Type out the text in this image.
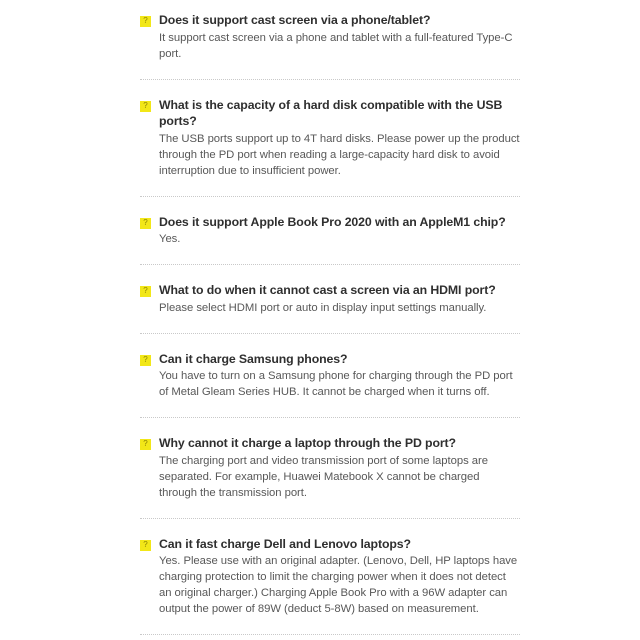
?
Does it support cast screen via a phone/tablet?
It support cast screen via a phone and tablet with a full-featured Type-C port.
?
What is the capacity of a hard disk compatible with the USB ports?
The USB ports support up to 4T hard disks. Please power up the product through the PD port when reading a large-capacity hard disk to avoid interruption due to insufficient power.
?
Does it support Apple Book Pro 2020 with an AppleM1 chip?
Yes.
?
What to do when it cannot cast a screen via an HDMI port?
Please select HDMI port or auto in display input settings manually.
?
Can it charge Samsung phones?
You have to turn on a Samsung phone for charging through the PD port of Metal Gleam Series HUB. It cannot be charged when it turns off.
?
Why cannot it charge a laptop through the PD port?
The charging port and video transmission port of some laptops are separated. For example, Huawei Matebook X cannot be charged through the transmission port.
?
Can it fast charge Dell and Lenovo laptops?
Yes. Please use with an original adapter. (Lenovo, Dell, HP laptops have charging protection to limit the charging power when it does not detect an original charger.) Charging Apple Book Pro with a 96W adapter can output the power of 89W (deduct 5-8W) based on measurement.
